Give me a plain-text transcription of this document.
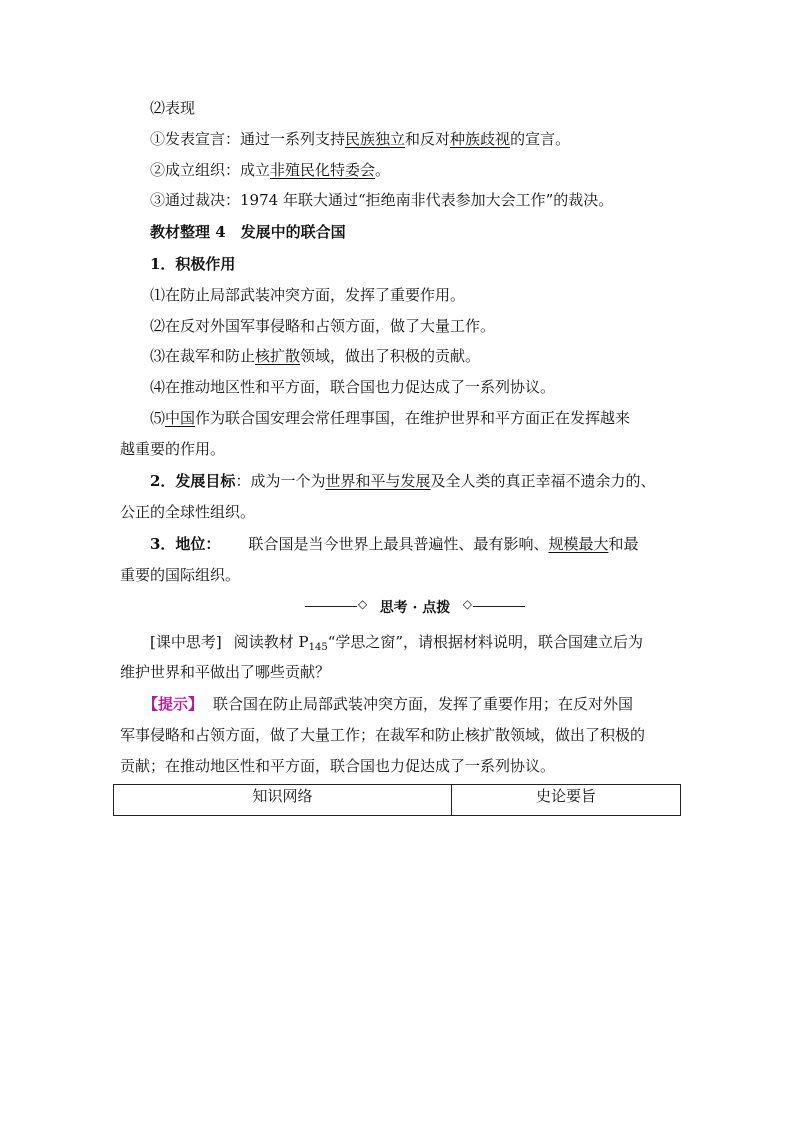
⑵表现
①发表宣言：通过一系列支持民族独立和反对种族歧视的宣言。
②成立组织：成立非殖民化特委会。
③通过裁决：1974 年联大通过“拒绝南非代表参加大会工作”的裁决。
教材整理 4　发展中的联合国
1．积极作用
⑴在防止局部武装冲突方面，发挥了重要作用。
⑵在反对外国军事侵略和占领方面，做了大量工作。
⑶在裁军和防止核扩散领域，做出了积极的贡献。
⑷在推动地区性和平方面，联合国也力促达成了一系列协议。
⑸中国作为联合国安理会常任理事国，在维护世界和平方面正在发挥越来
越重要的作用。
2．发展目标：成为一个为世界和平与发展及全人类的真正幸福不遗余力的、
公正的全球性组织。
3．地位： 联合国是当今世界上最具普遍性、最有影响、规模最大和最
重要的国际组织。
◇ 思考 · 点拨	◇
[课中思考] 阅读教材 $P_{145}“$学思之窗”，请根据材料说明，联合国建立后为
维护世界和平做出了哪些贡献？
【提示】 联合国在防止局部武装冲突方面，发挥了重要作用；在反对外国
军事侵略和占领方面，做了大量工作；在裁军和防止核扩散领域，做出了积极的
贡献；在推动地区性和平方面，联合国也力促达成了一系列协议。
知识网络	史论要旨
